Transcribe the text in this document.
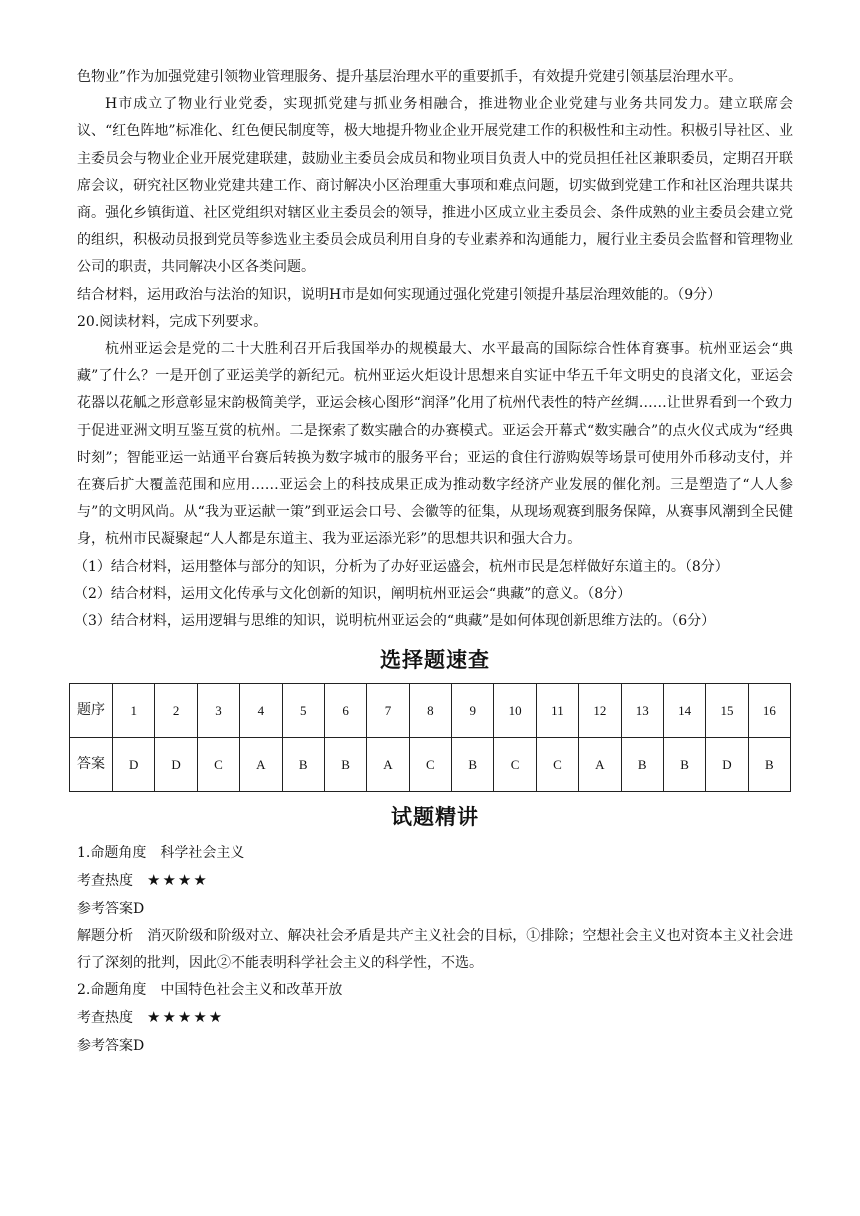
色物业”作为加强党建引领物业管理服务、提升基层治理水平的重要抓手，有效提升党建引领基层治理水平。

H市成立了物业行业党委，实现抓党建与抓业务相融合，推进物业企业党建与业务共同发力。建立联席会议、“红色阵地”标准化、红色便民制度等，极大地提升物业企业开展党建工作的积极性和主动性。积极引导社区、业主委员会与物业企业开展党建联建，鼓励业主委员会成员和物业项目负责人中的党员担任社区兼职委员，定期召开联席会议，研究社区物业党建共建工作、商讨解决小区治理重大事项和难点问题，切实做到党建工作和社区治理共谋共商。强化乡镇街道、社区党组织对辖区业主委员会的领导，推进小区成立业主委员会、条件成熟的业主委员会建立党的组织，积极动员报到党员等参选业主委员会成员利用自身的专业素养和沟通能力，履行业主委员会监督和管理物业公司的职责，共同解决小区各类问题。

结合材料，运用政治与法治的知识，说明H市是如何实现通过强化党建引领提升基层治理效能的。（9分）

20.阅读材料，完成下列要求。

杭州亚运会是党的二十大胜利召开后我国举办的规模最大、水平最高的国际综合性体育赛事。杭州亚运会“典藏”了什么？一是开创了亚运美学的新纪元。杭州亚运火炬设计思想来自实证中华五千年文明史的良渚文化，亚运会花器以花觚之形意彰显宋韵极简美学，亚运会核心图形“润泽”化用了杭州代表性的特产丝绸……让世界看到一个致力于促进亚洲文明互鉴互赏的杭州。二是探索了数实融合的办赛模式。亚运会开幕式“数实融合”的点火仪式成为“经典时刻”；智能亚运一站通平台赛后转换为数字城市的服务平台；亚运的食住行游购娱等场景可使用外币移动支付，并在赛后扩大覆盖范围和应用……亚运会上的科技成果正成为推动数字经济产业发展的催化剂。三是塑造了“人人参与”的文明风尚。从“我为亚运献一策”到亚运会口号、会徽等的征集，从现场观赛到服务保障，从赛事风潮到全民健身，杭州市民凝聚起“人人都是东道主、我为亚运添光彩”的思想共识和强大合力。

（1）结合材料，运用整体与部分的知识，分析为了办好亚运盛会，杭州市民是怎样做好东道主的。（8分）

（2）结合材料，运用文化传承与文化创新的知识，阐明杭州亚运会“典藏”的意义。（8分）

（3）结合材料，运用逻辑与思维的知识，说明杭州亚运会的“典藏”是如何体现创新思维方法的。（6分）

选择题速查
题序	1	2	3	4	5	6	7	8	9	10	11	12	13	14	15	16
答案	D	D	C	A	B	B	A	C	B	C	C	A	B	B	D	B
试题精讲

1.命题角度 科学社会主义

考查热度 ★★★★

参考答案D

解题分析 消灭阶级和阶级对立、解决社会矛盾是共产主义社会的目标，①排除；空想社会主义也对资本主义社会进行了深刻的批判，因此②不能表明科学社会主义的科学性，不选。

2.命题角度 中国特色社会主义和改革开放

考查热度 ★★★★★

参考答案D
